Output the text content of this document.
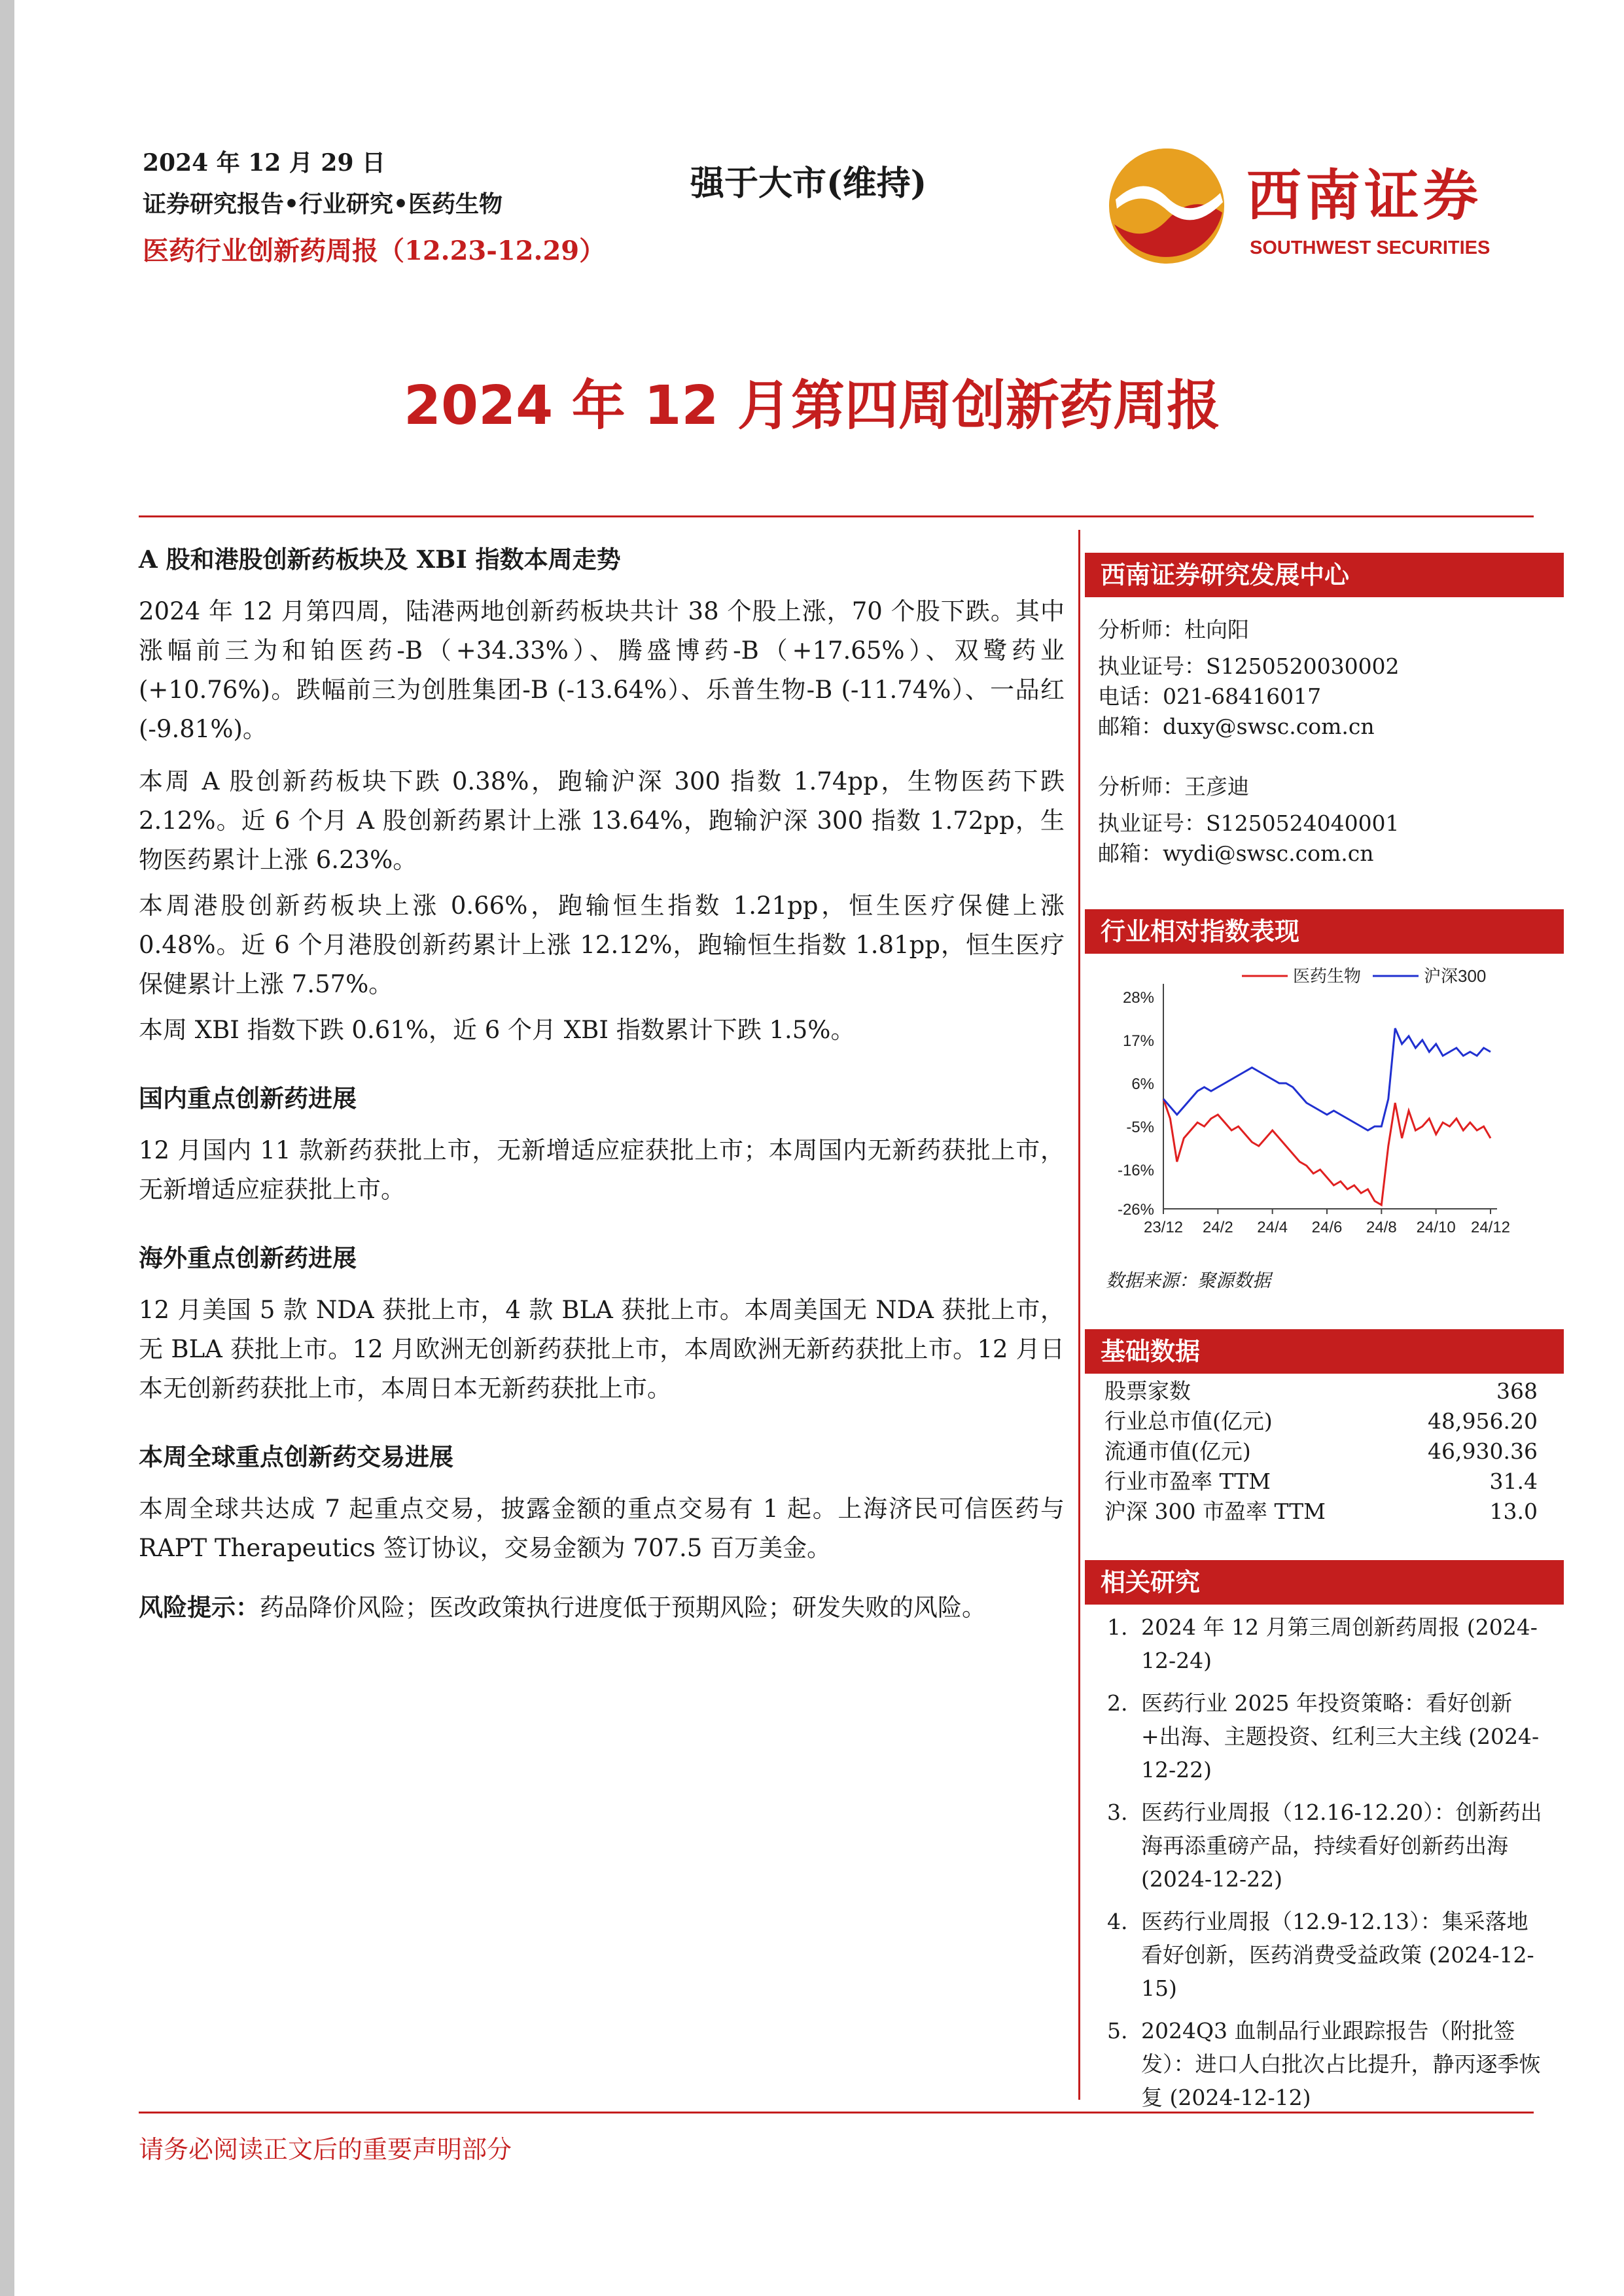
2024 年 12 月 29 日
证券研究报告•行业研究•医药生物
医药行业创新药周报（12.23-12.29）
强于大市(维持)	西南证券
SOUTHWEST SECURITIES
2024 年 12 月第四周创新药周报
A 股和港股创新药板块及 XBI 指数本周走势

2024 年 12 月第四周，陆港两地创新药板块共计 38 个股上涨，70 个股下跌。其中涨幅前三为和铂医药-B（+34.33%）、腾盛博药-B（+17.65%）、双鹭药业(+10.76%)。跌幅前三为创胜集团-B (-13.64%）、乐普生物-B (-11.74%）、一品红(-9.81%)。

本周 A 股创新药板块下跌 0.38%，跑输沪深 300 指数 1.74pp，生物医药下跌 2.12%。近 6 个月 A 股创新药累计上涨 13.64%，跑输沪深 300 指数 1.72pp，生物医药累计上涨 6.23%。

本周港股创新药板块上涨 0.66%，跑输恒生指数 1.21pp，恒生医疗保健上涨 0.48%。近 6 个月港股创新药累计上涨 12.12%，跑输恒生指数 1.81pp，恒生医疗保健累计上涨 7.57%。

本周 XBI 指数下跌 0.61%，近 6 个月 XBI 指数累计下跌 1.5%。

国内重点创新药进展

12 月国内 11 款新药获批上市，无新增适应症获批上市；本周国内无新药获批上市，无新增适应症获批上市。

海外重点创新药进展

12 月美国 5 款 NDA 获批上市，4 款 BLA 获批上市。本周美国无 NDA 获批上市，无 BLA 获批上市。12 月欧洲无创新药获批上市，本周欧洲无新药获批上市。12 月日本无创新药获批上市，本周日本无新药获批上市。

本周全球重点创新药交易进展

本周全球共达成 7 起重点交易，披露金额的重点交易有 1 起。上海济民可信医药与 RAPT Therapeutics 签订协议，交易金额为 707.5 百万美金。

风险提示：药品降价风险；医改政策执行进度低于预期风险；研发失败的风险。

西南证券研究发展中心
分析师：杜向阳
执业证号：S1250520030002
电话：021-68416017
邮箱：duxy@swsc.com.cn
分析师：王彦迪
执业证号：S1250524040001
邮箱：wydi@swsc.com.cn
行业相对指数表现
28%
17%
6%
-5%
-16%
-26%
23/12 24/2 24/4 24/6 24/8 24/10 24/12
医药生物	沪深300
数据来源：聚源数据
基础数据
股票家数	368
行业总市值(亿元)	48,956.20
流通市值(亿元)	46,930.36
行业市盈率 TTM	31.4
沪深 300 市盈率 TTM	13.0
相关研究
1. 2024 年 12 月第三周创新药周报 (2024-12-24)
2. 医药行业 2025 年投资策略：看好创新+出海、主题投资、红利三大主线 (2024-12-22)
3. 医药行业周报（12.16-12.20）：创新药出海再添重磅产品，持续看好创新药出海 (2024-12-22)
4. 医药行业周报（12.9-12.13）：集采落地看好创新，医药消费受益政策 (2024-12-15)
5. 2024Q3 血制品行业跟踪报告（附批签发）：进口人白批次占比提升，静丙逐季恢复 (2024-12-12)
请务必阅读正文后的重要声明部分
